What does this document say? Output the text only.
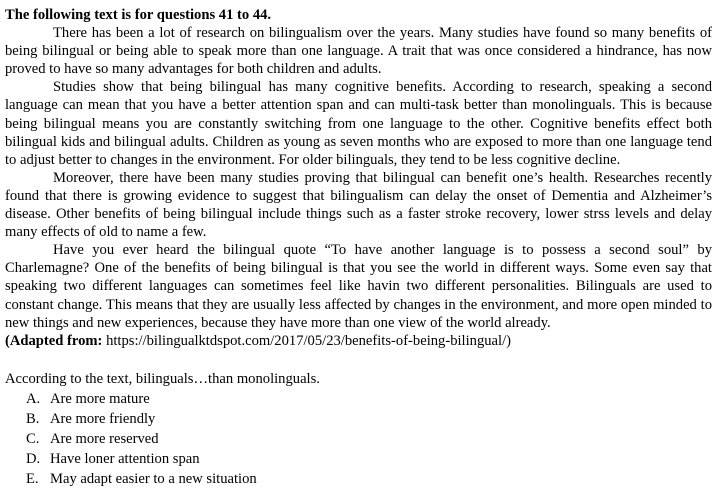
The following text is for questions 41 to 44.

There has been a lot of research on bilingualism over the years. Many studies have found so many benefits of being bilingual or being able to speak more than one language. A trait that was once considered a hindrance, has now proved to have so many advantages for both children and adults.

Studies show that being bilingual has many cognitive benefits. According to research, speaking a second language can mean that you have a better attention span and can multi-task better than monolinguals. This is because being bilingual means you are constantly switching from one language to the other. Cognitive benefits effect both bilingual kids and bilingual adults. Children as young as seven months who are exposed to more than one language tend to adjust better to changes in the environment. For older bilinguals, they tend to be less cognitive decline.

Moreover, there have been many studies proving that bilingual can benefit one’s health. Researches recently found that there is growing evidence to suggest that bilingualism can delay the onset of Dementia and Alzheimer’s disease. Other benefits of being bilingual include things such as a faster stroke recovery, lower strss levels and delay many effects of old to name a few.

Have you ever heard the bilingual quote “To have another language is to possess a second soul” by Charlemagne? One of the benefits of being bilingual is that you see the world in different ways. Some even say that speaking two different languages can sometimes feel like havin two different personalities. Bilinguals are used to constant change. This means that they are usually less affected by changes in the environment, and more open minded to new things and new experiences, because they have more than one view of the world already.

(Adapted from: https://bilingualktdspot.com/2017/05/23/benefits-of-being-bilingual/)

According to the text, bilinguals…than monolinguals.

A. Are more mature
B. Are more friendly
C. Are more reserved
D. Have loner attention span
E. May adapt easier to a new situation
